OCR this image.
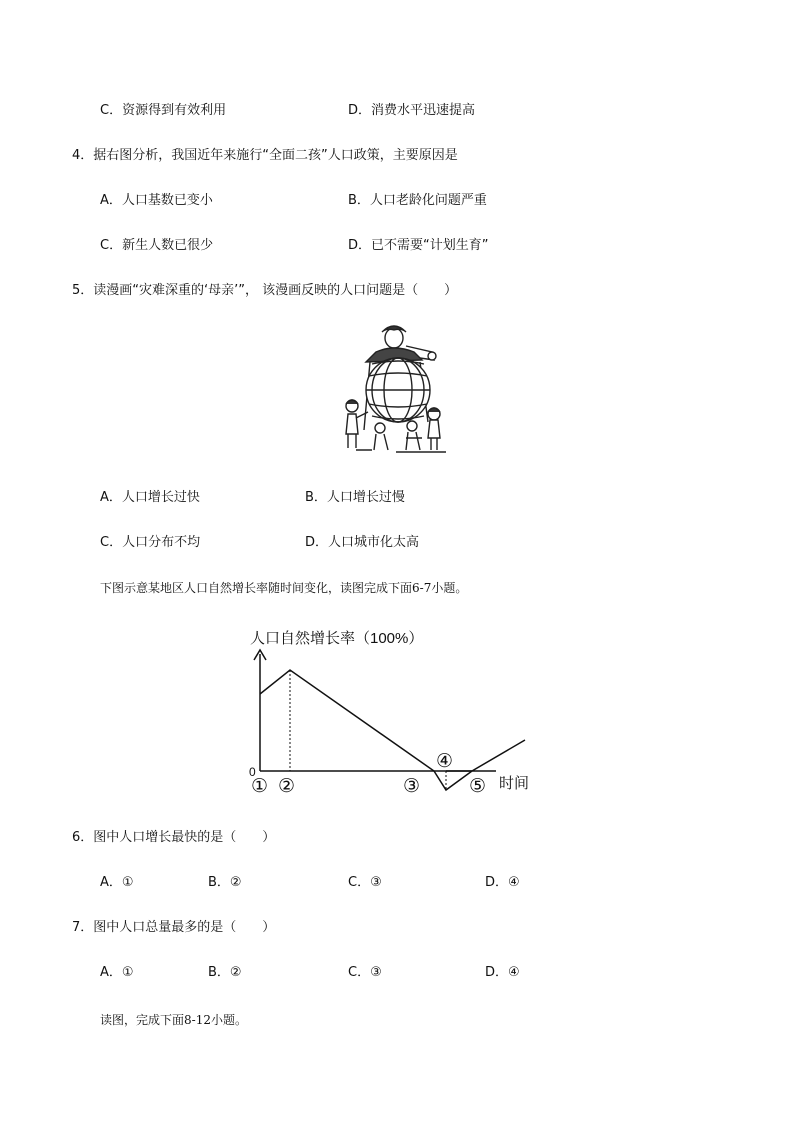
C．资源得到有效利用	D．消费水平迅速提高
4．据右图分析，我国近年来施行“全面二孩”人口政策，主要原因是
A．人口基数已变小	B．人口老龄化问题严重
C．新生人数已很少	D．已不需要“计划生育”
5．读漫画“灾难深重的‘母亲’”， 该漫画反映的人口问题是（　　）
A．人口增长过快	B．人口增长过慢
C．人口分布不均	D．人口城市化太高
下图示意某地区人口自然增长率随时间变化，读图完成下面6-7小题。
人口自然增长率（100%）
0
① ②	③
④
⑤ 时间
6．图中人口增长最快的是（　　）
A．①	B．②	C．③	D．④
7．图中人口总量最多的是（　　）
A．①	B．②	C．③	D．④
读图，完成下面8-12小题。
